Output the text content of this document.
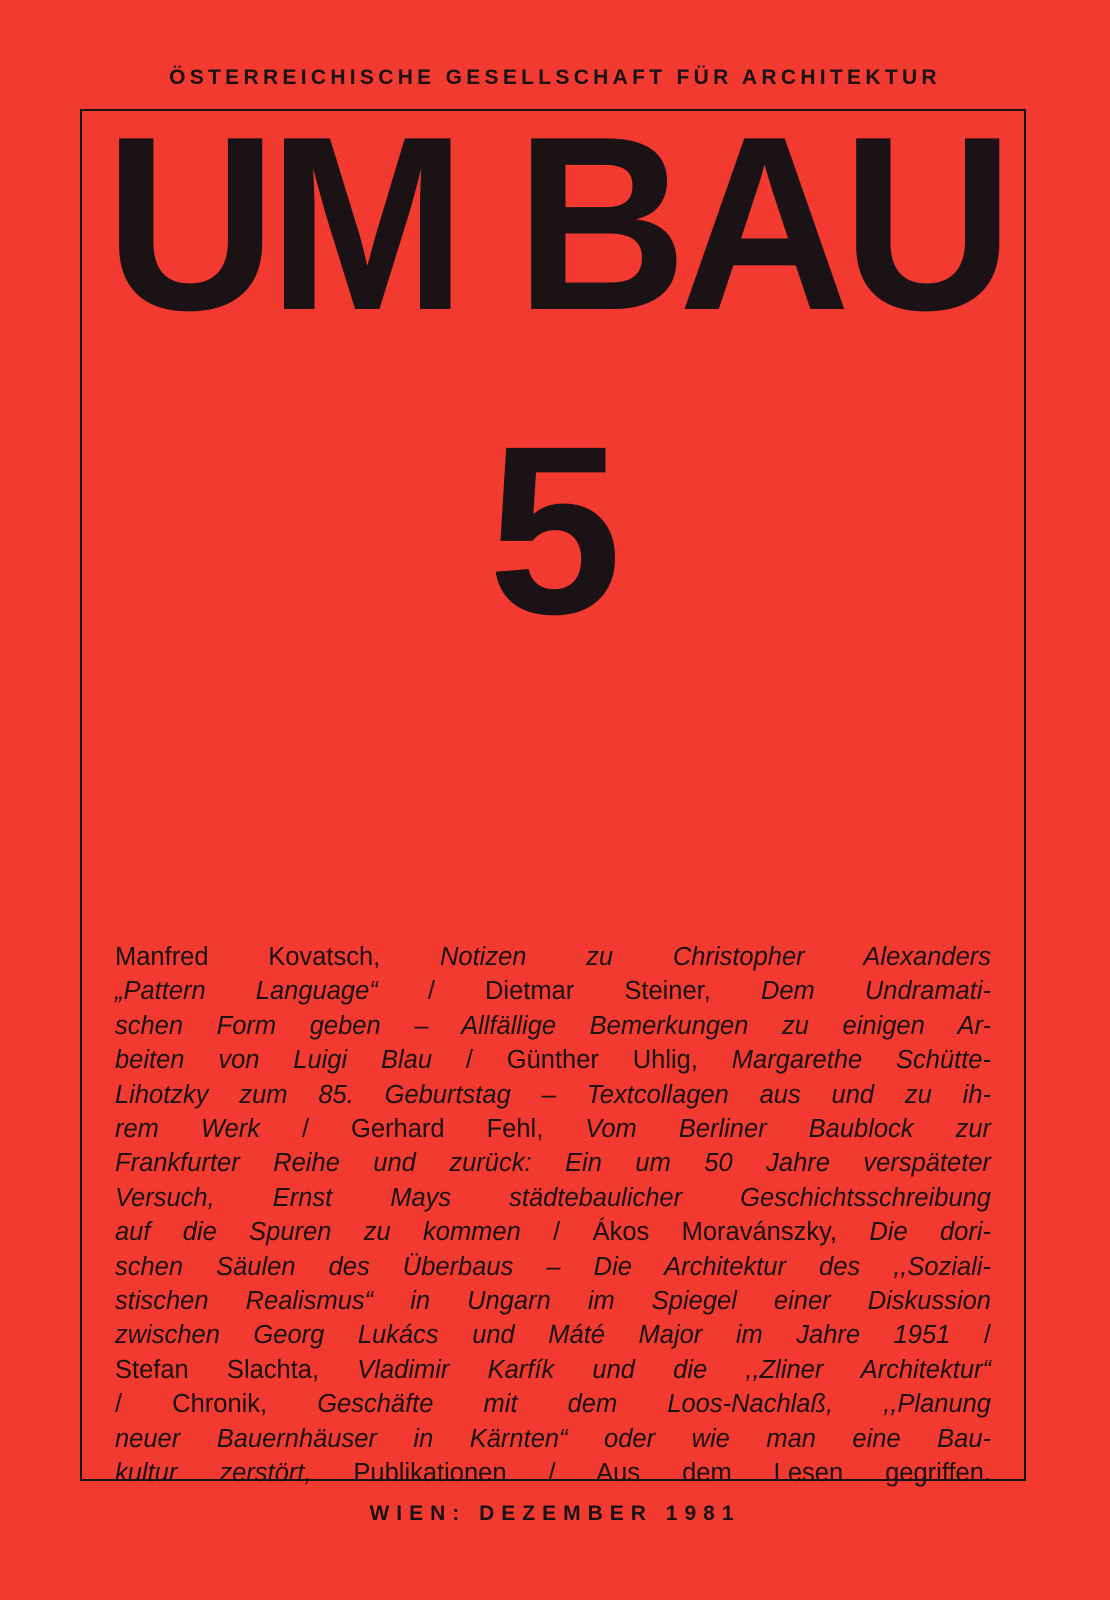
ÖSTERREICHISCHE GESELLSCHAFT FÜR ARCHITEKTUR
UM BAU
5
Manfred Kovatsch, Notizen zu Christopher Alexanders
„Pattern Language“ / Dietmar Steiner, Dem Undramati-
schen Form geben – Allfällige Bemerkungen zu einigen Ar-
beiten von Luigi Blau / Günther Uhlig, Margarethe Schütte-
Lihotzky zum 85. Geburtstag – Textcollagen aus und zu ih-
rem Werk / Gerhard Fehl, Vom Berliner Baublock zur
Frankfurter Reihe und zurück: Ein um 50 Jahre verspäteter
Versuch, Ernst Mays städtebaulicher Geschichtsschreibung
auf die Spuren zu kommen / Ákos Moravánszky, Die dori-
schen Säulen des Überbaus – Die Architektur des ,,Soziali-
stischen Realismus“ in Ungarn im Spiegel einer Diskussion
zwischen Georg Lukács und Máté Major im Jahre 1951 /
Stefan Slachta, Vladimir Karfík und die ,,Zliner Architektur“
/ Chronik, Geschäfte mit dem Loos-Nachlaß, ,,Planung
neuer Bauernhäuser in Kärnten“ oder wie man eine Bau-
kultur zerstört, Publikationen / Aus dem Lesen gegriffen.
WIEN: DEZEMBER 1981
